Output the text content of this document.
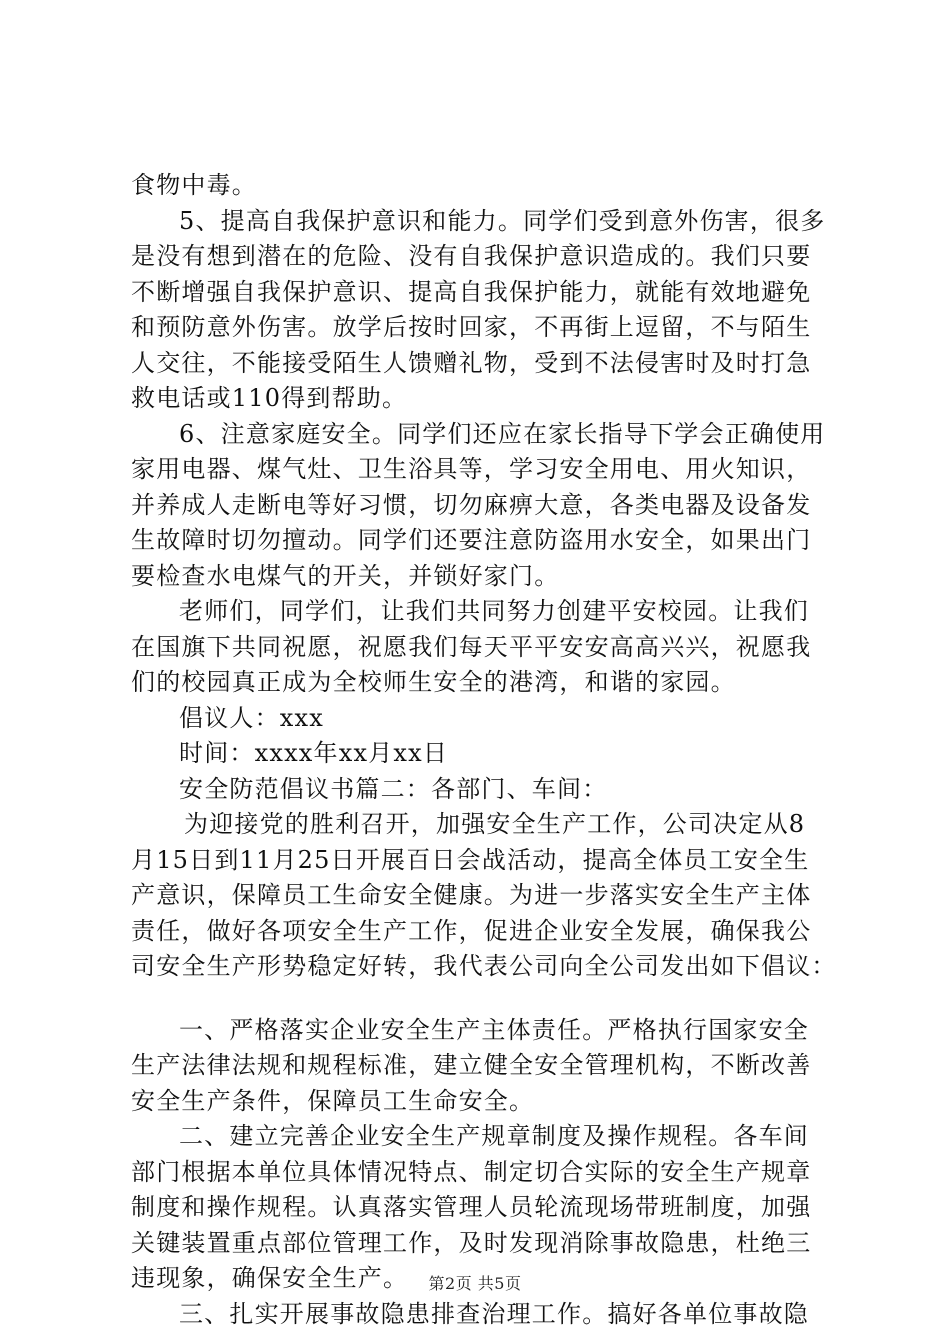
食物中毒。
5、提高自我保护意识和能力。同学们受到意外伤害，很多
是没有想到潜在的危险、没有自我保护意识造成的。我们只要
不断增强自我保护意识、提高自我保护能力，就能有效地避免
和预防意外伤害。放学后按时回家，不再街上逗留，不与陌生
人交往，不能接受陌生人馈赠礼物，受到不法侵害时及时打急
救电话或110得到帮助。
6、注意家庭安全。同学们还应在家长指导下学会正确使用
家用电器、煤气灶、卫生浴具等，学习安全用电、用火知识，
并养成人走断电等好习惯，切勿麻痹大意，各类电器及设备发
生故障时切勿擅动。同学们还要注意防盗用水安全，如果出门
要检查水电煤气的开关，并锁好家门。
老师们，同学们，让我们共同努力创建平安校园。让我们
在国旗下共同祝愿，祝愿我们每天平平安安高高兴兴，祝愿我
们的校园真正成为全校师生安全的港湾，和谐的家园。
倡议人：xxx
时间：xxxx年xx月xx日
安全防范倡议书篇二：各部门、车间：
为迎接党的胜利召开，加强安全生产工作，公司决定从8
月15日到11月25日开展百日会战活动，提高全体员工安全生
产意识，保障员工生命安全健康。为进一步落实安全生产主体
责任，做好各项安全生产工作，促进企业安全发展，确保我公
司安全生产形势稳定好转，我代表公司向全公司发出如下倡议：
一、严格落实企业安全生产主体责任。严格执行国家安全
生产法律法规和规程标准，建立健全安全管理机构，不断改善
安全生产条件，保障员工生命安全。
二、建立完善企业安全生产规章制度及操作规程。各车间
部门根据本单位具体情况特点、制定切合实际的安全生产规章
制度和操作规程。认真落实管理人员轮流现场带班制度，加强
关键装置重点部位管理工作，及时发现消除事故隐患，杜绝三
违现象，确保安全生产。
三、扎实开展事故隐患排查治理工作。搞好各单位事故隐
第2页 共5页
